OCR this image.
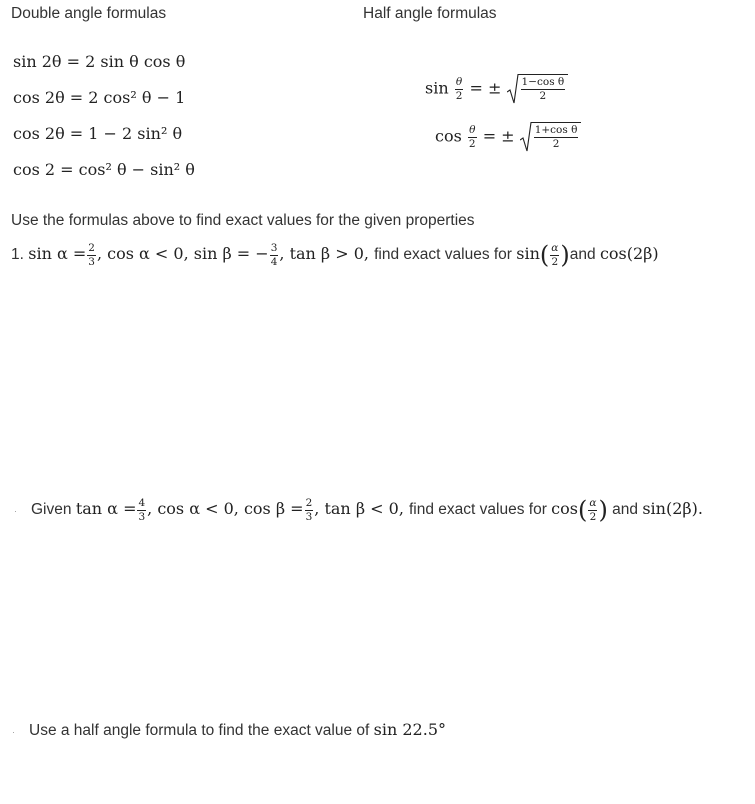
Double angle formulas	Half angle formulas
sin 2θ = 2 sin θ cos θ
cos 2θ = 2 cos² θ − 1
cos 2θ = 1 − 2 sin² θ
cos 2 = cos² θ − sin² θ
$\sin \frac{\theta}{2}$ = ± $\frac{\text{1−cos θ}}{2}$
$\cos \frac{\theta}{2}$ = ± $\frac{\text{1+cos θ}}{2}$
Use the formulas above to find exact values for the given properties
1. $\sin \alpha = \frac{2}{3}$ , cos α < 0, sin β = − $\frac{3}{4}$ , tan β > 0, find exact values for $\sin( \frac{\alpha}{2} )and$ cos(2β)
· Given $\tan \alpha = \frac{4}{3}$ , cos α < 0, $\cos \beta = \frac{2}{3}$ , tan β < 0, find exact values for $\cos( \frac{\alpha}{2}$ ) and sin(2β).
· Use a half angle formula to find the exact value of sin 22.5°
